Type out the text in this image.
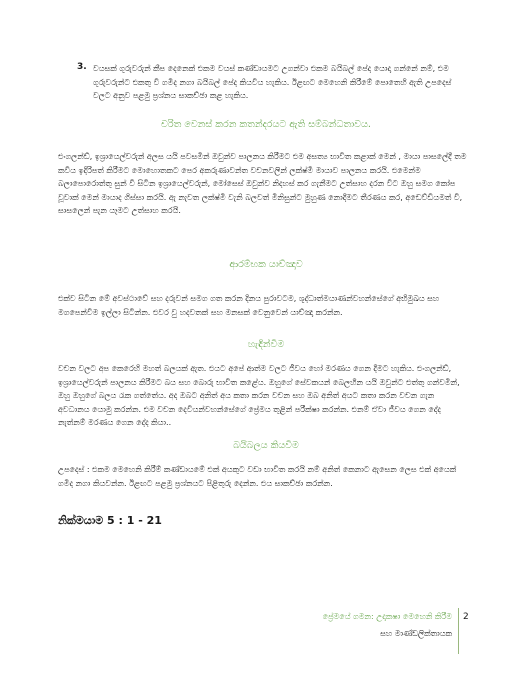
3. වයසක් ගුරුවරුන් කීප දෙනෙක් එකම වයස් කණ්ඩායමට උගන්වා එකම බයිබල් පේද යොදා ගන්නේ නම්, එම ගුරුවරුන්ට එකතු වී ගමිද නගා බයිබල් පේද කියවිය හැකිය. ඊළඟට මෙහෙනි කිරීමේ පොතෙහි ඇති උපදෙස් වලට අනුව පළමු ප්‍රශ්නය සාකච්ඡා කළ හැකිය.

චරිත වෙනස් කරන කතන්දරයට ඇති සම්බන්ධතාවය.

එංගලන්ඩ්, ඉශ්‍රායෙල්වරුන් අලස යයි පවසමින් ඔවුන්ව පාලනය කිරීමට එම අසත්‍ය භාවිත කළාක් මෙන් , මායා පාසලේදී තම කවිය ඉදිරිපත් කිරීමට මොහොතකට පෙර අකරුණාවන්ත වචනවලින් ලක්ෂ්මී මායාව පාලනය කරයි. එමෙන්ම බලාපොරොත්තු සුන් වී සිටින ඉශ්‍රායෙල්වරුන්, මෝසෙස් ඔවුන්ව නිදහස් කර ගැනීමට උත්සාහ දරන විට ඔහු සමග කෝප වූවාක් මෙන් මායාද ගිස්සා කරයි. ඇ නැවත ලක්ෂ්මී වැනි බලවත් මිනිසුන්ට මුහුණ නොදීමට තීරණය කර, අඩෙව්ඩියමත් වී, සාසලෙන් පැන යෑමට උත්සාහ කරයි.

ආරම්භක යාච්ඤාව

එක්ව සිටින මේ අවස්ථාවේ සහ දරුවන් සමග ගත කරන දිනය පුරාවටම, ශුද්ධාත්මයාණන්වහන්සේගේ අභිමුඛය සහ මගපෙන්වීම ඉල්ලා සිටින්න. එවර වු හදවතක් සහ මනසක් වෙනුවෙන් යාච්ඤා කරන්න.

හැඳින්වීම

වචන වලට අප කෙරෙහි මහත් බලයක් ඇත. එයට අපේ ආත්ම වලට ජීවය හෝ මරණය ගෙන දීමට හැකිය. එංගලන්ඩ්, ඉශ්‍රායෙල්වරුන් පාලනය කිරීමට බය සහ බොරු භාවිත කළේය. ඔහුගේ සේවකයන් බෙලහීන යයි ඔවුන්ට එත්තු ගන්වමින්, ඔහු ඔහුගේ බලය රැක ගත්තේය. අද ඔබට අනිත් අය කතා කරන වචන සහ ඔබ අනිත් අයට කතා කරන වචන ගැන අවධානය යොමු කරන්න. එම වචන දෙවියන්වහන්සේගේ ප්‍රේමය තුළින් පරීක්ෂා කරන්න. එනම් ඒවා ජීවය ගෙන දේද නැත්නම් මරණය ගෙන දේද කියා..

බයිබලය කියවීම

උපදෙස් : එකම මෙහෙනි කිරීම් කණ්ඩායමේ එක් අයකුට වඩා භාවිත කරයි නම් අනිත් කෙනාට ඇසෙන ලෙස එක් අයෙක් ගමිද නගා කියවන්න. ඊළඟට පළමු ප්‍රශ්නයට පිළිතුරු දෙන්න. එය සාකච්ඡා කරන්න.

නික්මයාම 5 : 1 - 21
ප්‍රේමයේ ගමන: උදාක‍ෂා මෙහෙනි කිරීම
සහ මාණ්ඩලික්තායක
2
